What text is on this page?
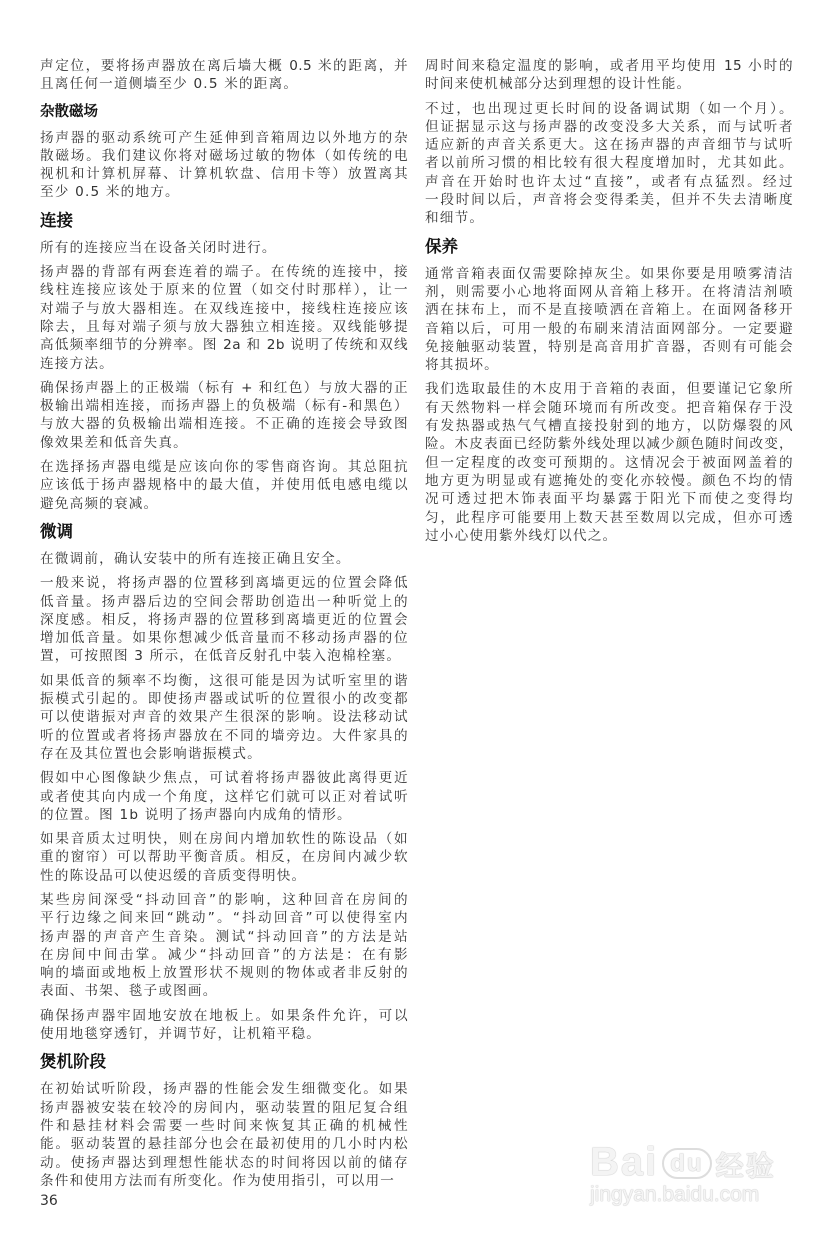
声定位，要将扬声器放在离后墙大概 0.5 米的距离，并
且离任何一道侧墙至少 0.5 米的距离。
杂散磁场
扬声器的驱动系统可产生延伸到音箱周边以外地方的杂
散磁场。我们建议你将对磁场过敏的物体（如传统的电
视机和计算机屏幕、计算机软盘、信用卡等）放置离其
至少 0.5 米的地方。
连接
所有的连接应当在设备关闭时进行。
扬声器的背部有两套连着的端子。在传统的连接中，接
线柱连接应该处于原来的位置（如交付时那样），让一
对端子与放大器相连。在双线连接中，接线柱连接应该
除去，且每对端子须与放大器独立相连接。双线能够提
高低频率细节的分辨率。图 2a 和 2b 说明了传统和双线
连接方法。
确保扬声器上的正极端（标有 + 和红色）与放大器的正
极输出端相连接，而扬声器上的负极端（标有-和黑色）
与放大器的负极输出端相连接。不正确的连接会导致图
像效果差和低音失真。
在选择扬声器电缆是应该向你的零售商咨询。其总阻抗
应该低于扬声器规格中的最大值，并使用低电感电缆以
避免高频的衰减。
微调
在微调前，确认安装中的所有连接正确且安全。
一般来说，将扬声器的位置移到离墙更远的位置会降低
低音量。扬声器后边的空间会帮助创造出一种听觉上的
深度感。相反，将扬声器的位置移到离墙更近的位置会
增加低音量。如果你想减少低音量而不移动扬声器的位
置，可按照图 3 所示，在低音反射孔中装入泡棉栓塞。
如果低音的频率不均衡，这很可能是因为试听室里的谐
振模式引起的。即使扬声器或试听的位置很小的改变都
可以使谐振对声音的效果产生很深的影响。设法移动试
听的位置或者将扬声器放在不同的墙旁边。大件家具的
存在及其位置也会影响谐振模式。
假如中心图像缺少焦点，可试着将扬声器彼此离得更近
或者使其向内成一个角度，这样它们就可以正对着试听
的位置。图 1b 说明了扬声器向内成角的情形。
如果音质太过明快，则在房间内增加软性的陈设品（如
重的窗帘）可以帮助平衡音质。相反，在房间内减少软
性的陈设品可以使迟缓的音质变得明快。
某些房间深受“抖动回音”的影响，这种回音在房间的
平行边缘之间来回“跳动”。“抖动回音”可以使得室内
扬声器的声音产生音染。测试“抖动回音”的方法是站
在房间中间击掌。减少“抖动回音”的方法是：在有影
响的墙面或地板上放置形状不规则的物体或者非反射的
表面、书架、毯子或图画。
确保扬声器牢固地安放在地板上。如果条件允许，可以
使用地毯穿透钉，并调节好，让机箱平稳。
煲机阶段
在初始试听阶段，扬声器的性能会发生细微变化。如果
扬声器被安装在较冷的房间内，驱动装置的阻尼复合组
件和悬挂材料会需要一些时间来恢复其正确的机械性
能。驱动装置的悬挂部分也会在最初使用的几小时内松
动。使扬声器达到理想性能状态的时间将因以前的储存
条件和使用方法而有所变化。作为使用指引，可以用一
周时间来稳定温度的影响，或者用平均使用 15 小时的
时间来使机械部分达到理想的设计性能。
不过，也出现过更长时间的设备调试期（如一个月）。
但证据显示这与扬声器的改变没多大关系，而与试听者
适应新的声音关系更大。这在扬声器的声音细节与试听
者以前所习惯的相比较有很大程度增加时，尤其如此。
声音在开始时也许太过“直接”，或者有点猛烈。经过
一段时间以后，声音将会变得柔美，但并不失去清晰度
和细节。
保养
通常音箱表面仅需要除掉灰尘。如果你要是用喷雾清洁
剂，则需要小心地将面网从音箱上移开。在将清洁剂喷
洒在抹布上，而不是直接喷洒在音箱上。在面网备移开
音箱以后，可用一般的布刷来清洁面网部分。一定要避
免接触驱动装置，特别是高音用扩音器，否则有可能会
将其损坏。
我们选取最佳的木皮用于音箱的表面，但要谨记它象所
有天然物料一样会随环境而有所改变。把音箱保存于没
有发热器或热气气槽直接投射到的地方，以防爆裂的风
险。木皮表面已经防紫外线处理以减少颜色随时间改变，
但一定程度的改变可预期的。这情况会于被面网盖着的
地方更为明显或有遮掩处的变化亦较慢。颜色不均的情
况可透过把木饰表面平均暴露于阳光下而使之变得均
匀，此程序可能要用上数天甚至数周以完成，但亦可透
过小心使用紫外线灯以代之。
36
Bai du 经验
jingyan.baidu.com
